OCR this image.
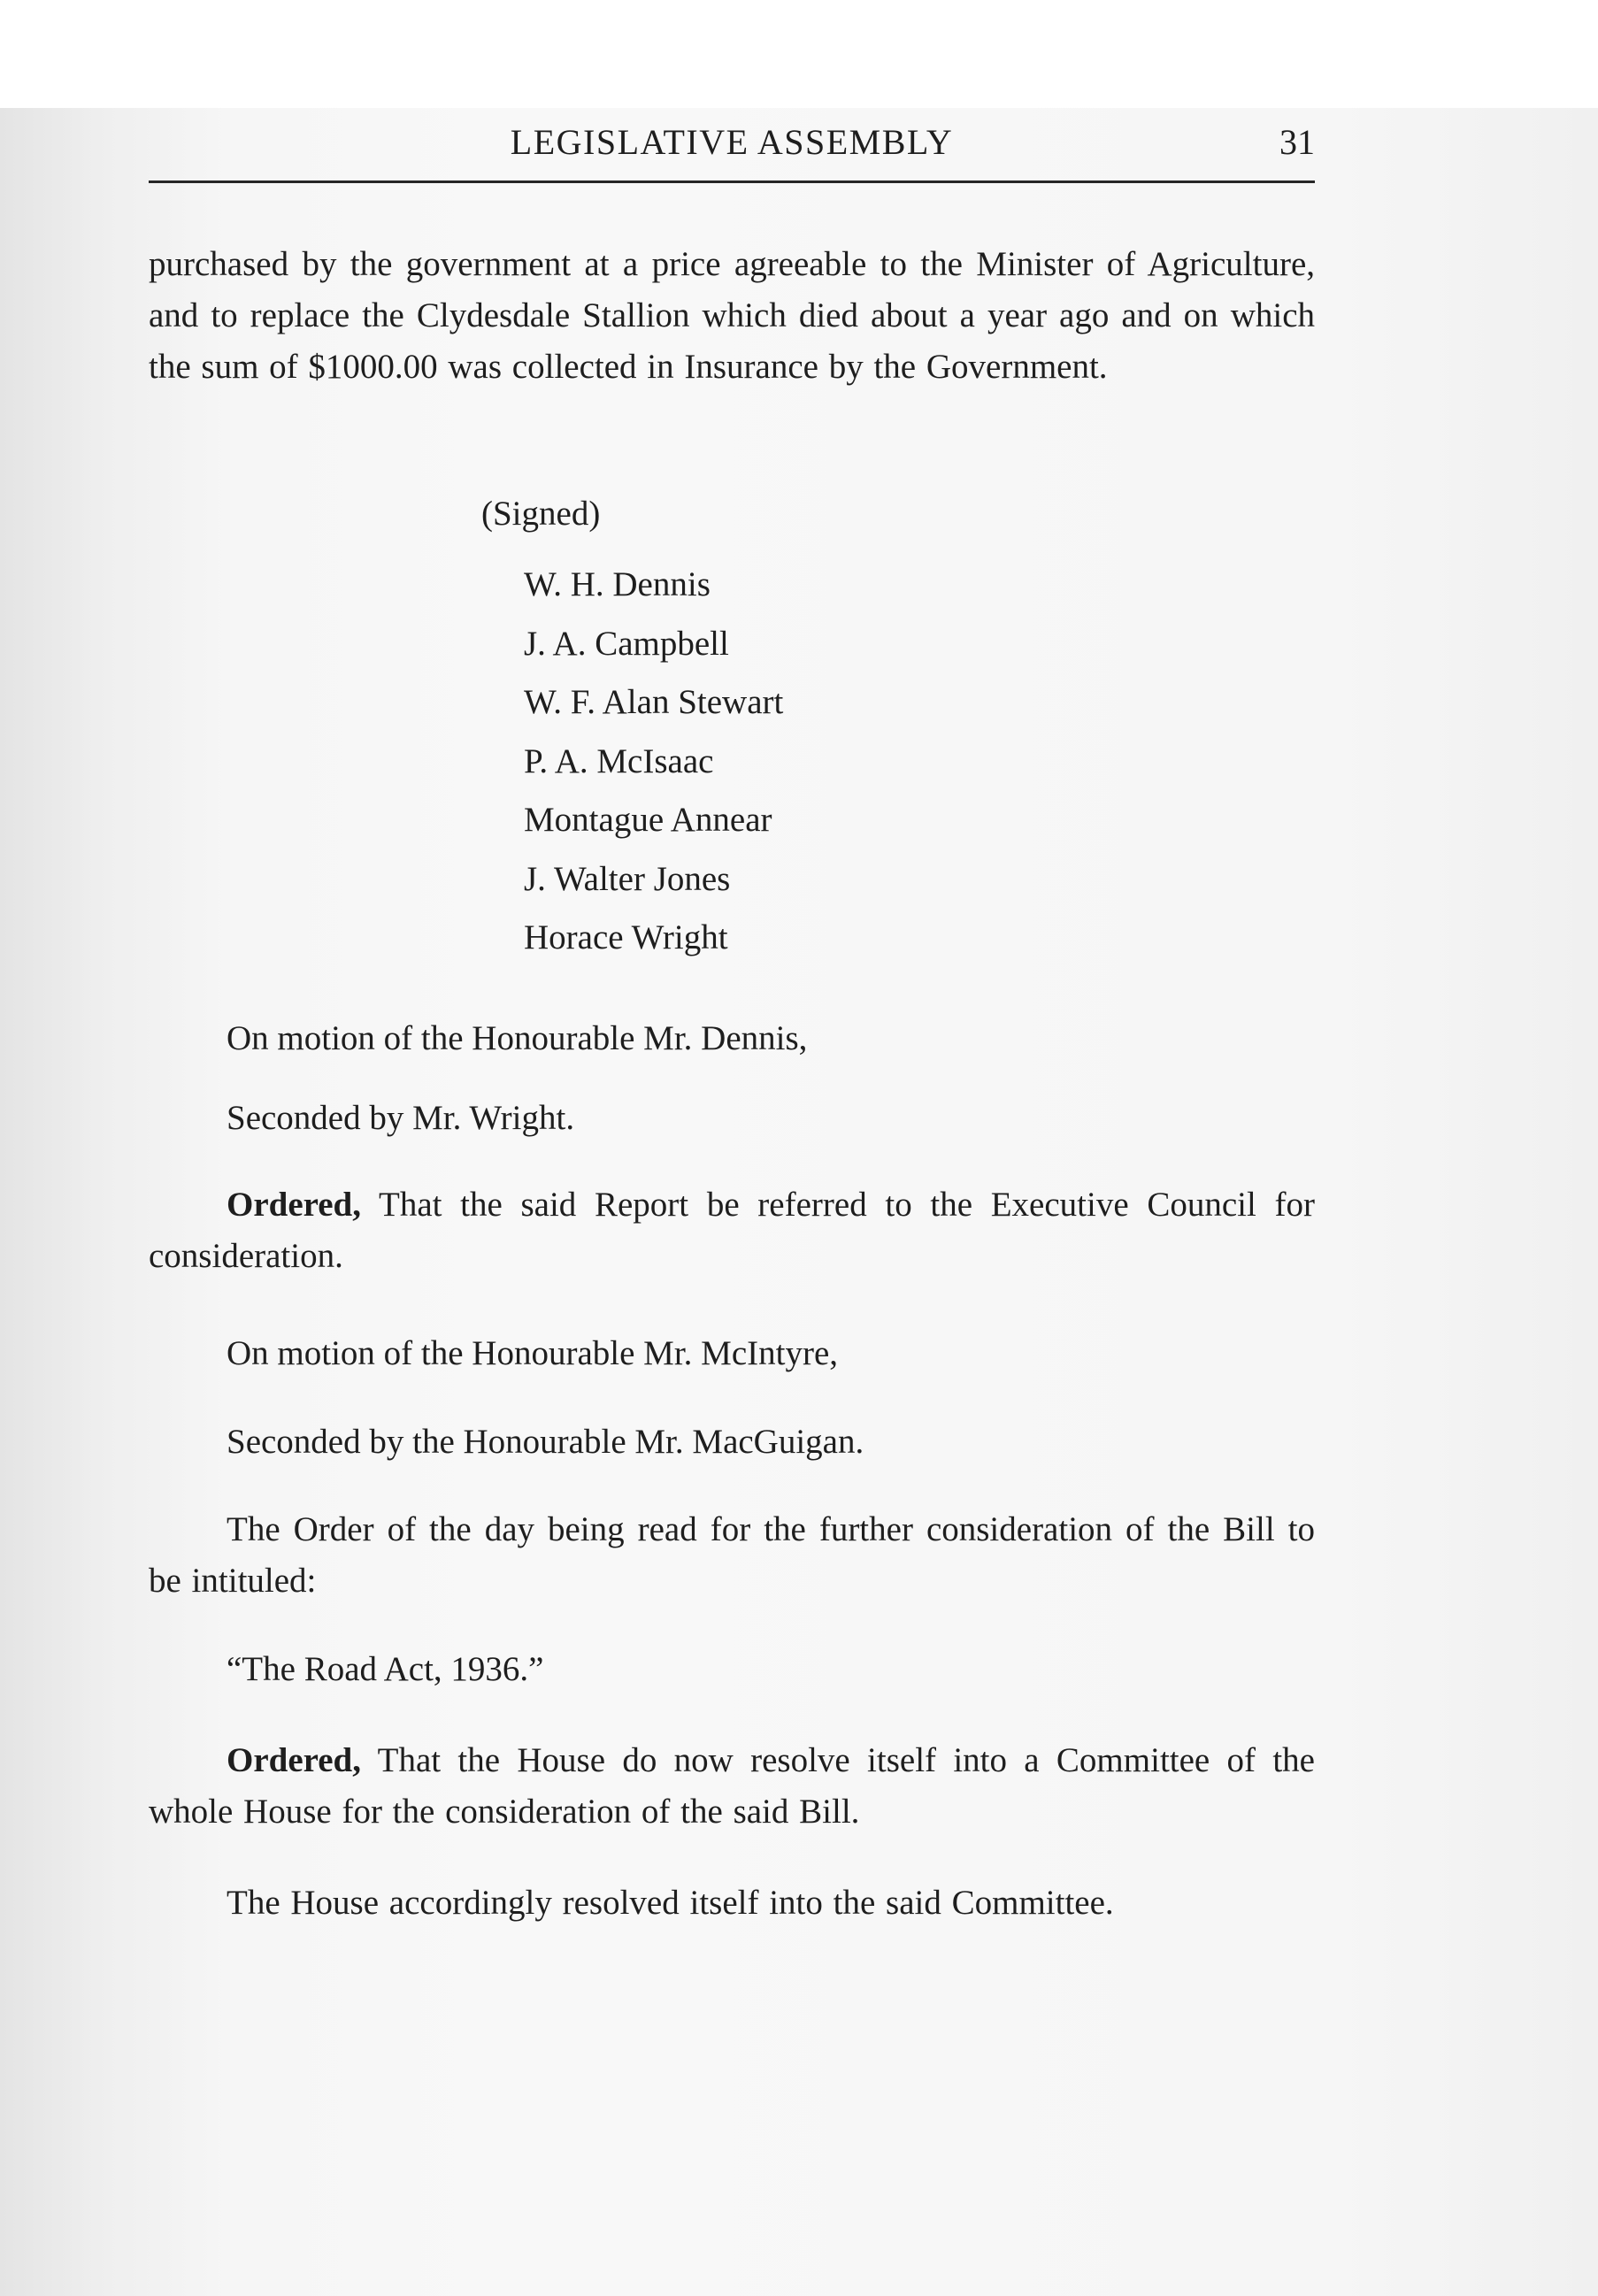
LEGISLATIVE ASSEMBLY	31

purchased by the government at a price agreeable to the Minister of Agriculture, and to replace the Clydesdale Stallion which died about a year ago and on which the sum of $1000.00 was collected in Insurance by the Government.

(Signed)
W. H. Dennis
J. A. Campbell
W. F. Alan Stewart
P. A. McIsaac
Montague Annear
J. Walter Jones
Horace Wright
On motion of the Honourable Mr. Dennis,
Seconded by Mr. Wright.

Ordered, That the said Report be referred to the Executive Council for consideration.

On motion of the Honourable Mr. McIntyre,
Seconded by the Honourable Mr. MacGuigan.

The Order of the day being read for the further consideration of the Bill to be intituled:

“The Road Act, 1936.”

Ordered, That the House do now resolve itself into a Committee of the whole House for the consideration of the said Bill.

The House accordingly resolved itself into the said Committee.
